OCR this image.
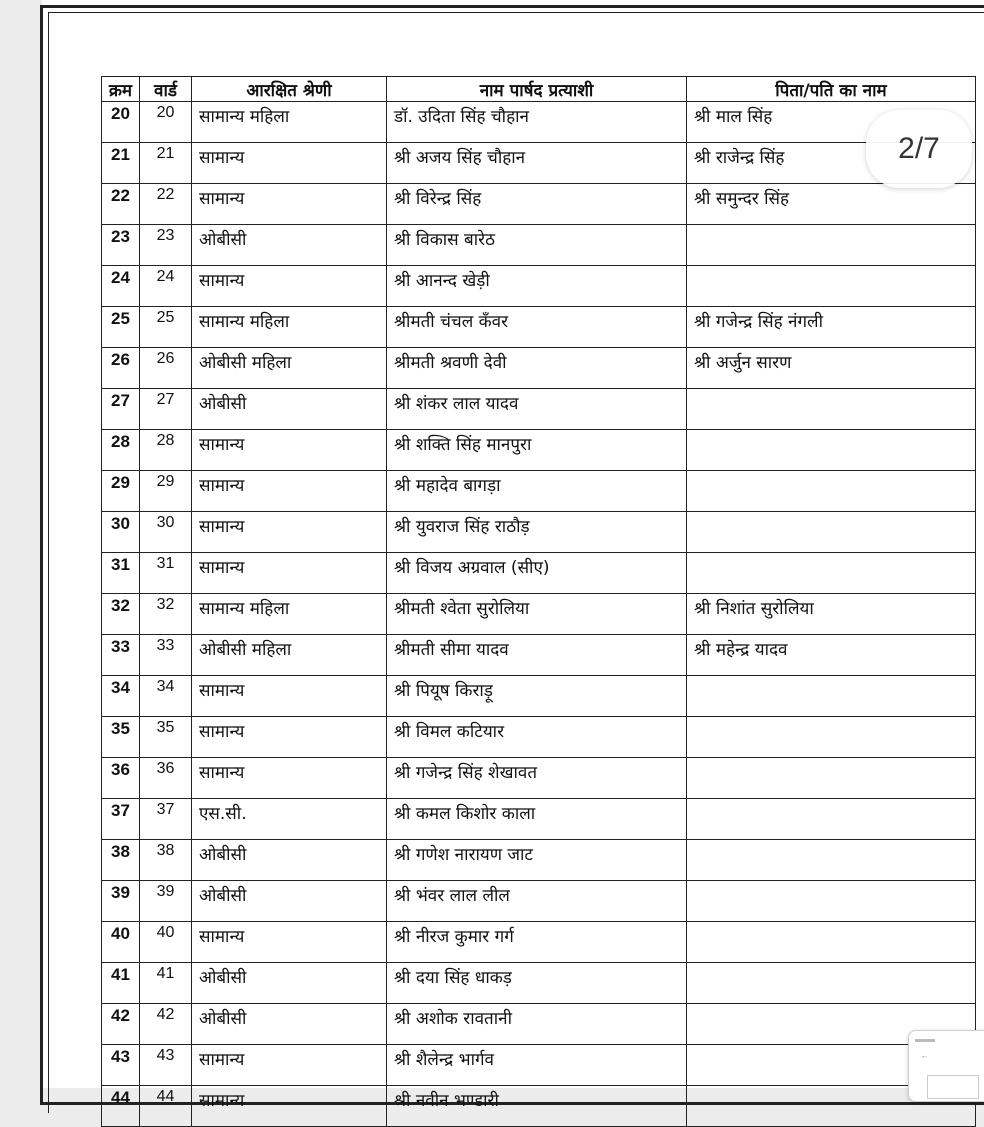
क्रम	वार्ड	आरक्षित श्रेणी	नाम पार्षद प्रत्याशी	पिता/पति का नाम
20	20	सामान्य महिला	डॉ. उदिता सिंह चौहान	श्री माल सिंह
21	21	सामान्य	श्री अजय सिंह चौहान	श्री राजेन्द्र सिंह
22	22	सामान्य	श्री विरेन्द्र सिंह	श्री समुन्दर सिंह
23	23	ओबीसी	श्री विकास बारेठ	
24	24	सामान्य	श्री आनन्द खेड़ी	
25	25	सामान्य महिला	श्रीमती चंचल कँवर	श्री गजेन्द्र सिंह नंगली
26	26	ओबीसी महिला	श्रीमती श्रवणी देवी	श्री अर्जुन सारण
27	27	ओबीसी	श्री शंकर लाल यादव	
28	28	सामान्य	श्री शक्ति सिंह मानपुरा	
29	29	सामान्य	श्री महादेव बागड़ा	
30	30	सामान्य	श्री युवराज सिंह राठौड़	
31	31	सामान्य	श्री विजय अग्रवाल (सीए)	
32	32	सामान्य महिला	श्रीमती श्वेता सुरोलिया	श्री निशांत सुरोलिया
33	33	ओबीसी महिला	श्रीमती सीमा यादव	श्री महेन्द्र यादव
34	34	सामान्य	श्री पियूष किराड़ू	
35	35	सामान्य	श्री विमल कटियार	
36	36	सामान्य	श्री गजेन्द्र सिंह शेखावत	
37	37	एस.सी.	श्री कमल किशोर काला	
38	38	ओबीसी	श्री गणेश नारायण जाट	
39	39	ओबीसी	श्री भंवर लाल लील	
40	40	सामान्य	श्री नीरज कुमार गर्ग	
41	41	ओबीसी	श्री दया सिंह धाकड़	
42	42	ओबीसी	श्री अशोक रावतानी	
43	43	सामान्य	श्री शैलेन्द्र भार्गव	
44	44	सामान्य	श्री नवीन भण्डारी	
2/7
←
